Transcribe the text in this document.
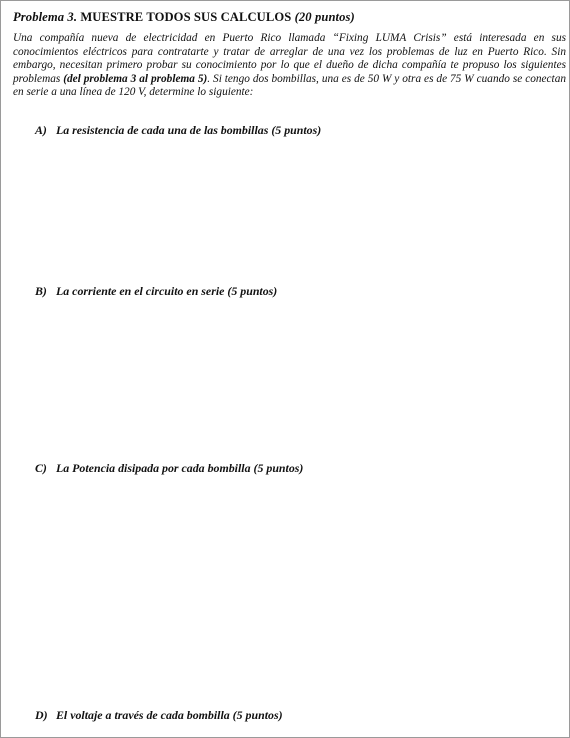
Problema 3. MUESTRE TODOS SUS CALCULOS (20 puntos)
Una compañía nueva de electricidad en Puerto Rico llamada “Fixing LUMA Crisis” está interesada en sus conocimientos eléctricos para contratarte y tratar de arreglar de una vez los problemas de luz en Puerto Rico. Sin embargo, necesitan primero probar su conocimiento por lo que el dueño de dicha compañía te propuso los siguientes problemas (del problema 3 al problema 5). Si tengo dos bombillas, una es de 50 W y otra es de 75 W cuando se conectan en serie a una línea de 120 V, determine lo siguiente:
A) La resistencia de cada una de las bombillas (5 puntos)
B) La corriente en el circuito en serie (5 puntos)
C) La Potencia disipada por cada bombilla (5 puntos)
D) El voltaje a través de cada bombilla (5 puntos)
